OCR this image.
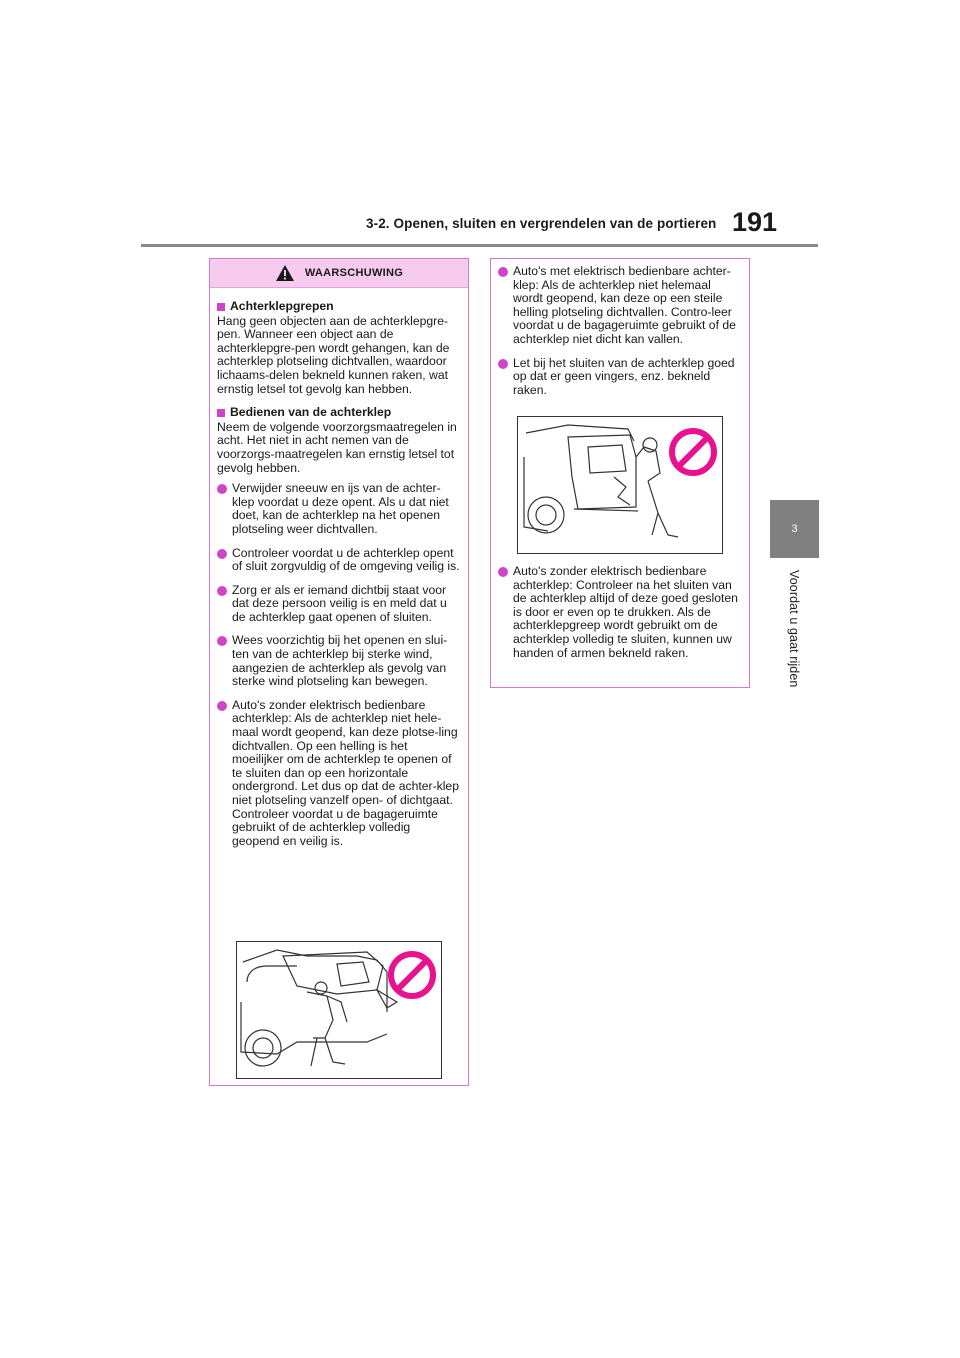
3-2. Openen, sluiten en vergrendelen van de portieren 191
3
Voordat u gaat rijden
WAARSCHUWING

Achterklepgrepen

Hang geen objecten aan de achterklepgre-pen. Wanneer een object aan de achterklepgre-pen wordt gehangen, kan de achterklep plotseling dichtvallen, waardoor lichaams-delen bekneld kunnen raken, wat ernstig letsel tot gevolg kan hebben.

Bedienen van de achterklep

Neem de volgende voorzorgsmaatregelen in acht. Het niet in acht nemen van de voorzorgs-maatregelen kan ernstig letsel tot gevolg hebben.

Verwijder sneeuw en ijs van de achter-klep voordat u deze opent. Als u dat niet doet, kan de achterklep na het openen plotseling weer dichtvallen.

Controleer voordat u de achterklep opent of sluit zorgvuldig of de omgeving veilig is.

Zorg er als er iemand dichtbij staat voor dat deze persoon veilig is en meld dat u de achterklep gaat openen of sluiten.

Wees voorzichtig bij het openen en slui-ten van de achterklep bij sterke wind, aangezien de achterklep als gevolg van sterke wind plotseling kan bewegen.

Auto's zonder elektrisch bedienbare achterklep: Als de achterklep niet hele-maal wordt geopend, kan deze plotse-ling dichtvallen. Op een helling is het moeilijker om de achterklep te openen of te sluiten dan op een horizontale ondergrond. Let dus op dat de achter-klep niet plotseling vanzelf open- of dichtgaat. Controleer voordat u de bagageruimte gebruikt of de achterklep volledig geopend en veilig is.

Auto's met elektrisch bedienbare achter-klep: Als de achterklep niet helemaal wordt geopend, kan deze op een steile helling plotseling dichtvallen. Contro-leer voordat u de bagageruimte gebruikt of de achterklep niet dicht kan vallen.

Let bij het sluiten van de achterklep goed op dat er geen vingers, enz. bekneld raken.

Auto's zonder elektrisch bedienbare achterklep: Controleer na het sluiten van de achterklep altijd of deze goed gesloten is door er even op te drukken. Als de achterklepgreep wordt gebruikt om de achterklep volledig te sluiten, kunnen uw handen of armen bekneld raken.
